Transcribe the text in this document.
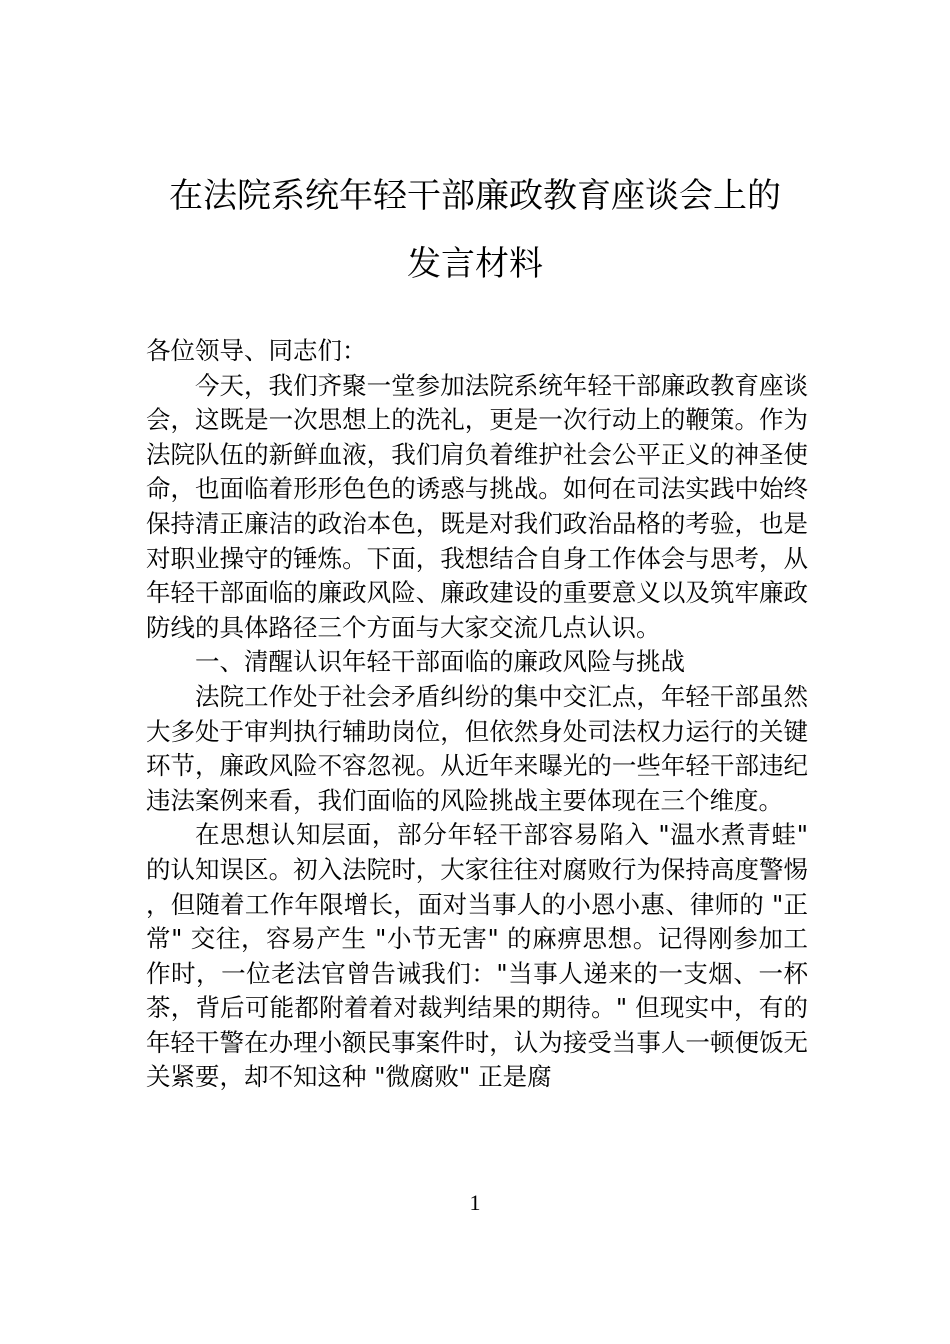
在法院系统年轻干部廉政教育座谈会上的
发言材料

各位领导、同志们：

今天，我们齐聚一堂参加法院系统年轻干部廉政教育座谈会，这既是一次思想上的洗礼，更是一次行动上的鞭策。作为法院队伍的新鲜血液，我们肩负着维护社会公平正义的神圣使命，也面临着形形色色的诱惑与挑战。如何在司法实践中始终保持清正廉洁的政治本色，既是对我们政治品格的考验，也是对职业操守的锤炼。下面，我想结合自身工作体会与思考，从年轻干部面临的廉政风险、廉政建设的重要意义以及筑牢廉政防线的具体路径三个方面与大家交流几点认识。

一、清醒认识年轻干部面临的廉政风险与挑战

法院工作处于社会矛盾纠纷的集中交汇点，年轻干部虽然大多处于审判执行辅助岗位，但依然身处司法权力运行的关键环节，廉政风险不容忽视。从近年来曝光的一些年轻干部违纪违法案例来看，我们面临的风险挑战主要体现在三个维度。

在思想认知层面，部分年轻干部容易陷入 "温水煮青蛙" 的认知误区。初入法院时，大家往往对腐败行为保持高度警惕，但随着工作年限增长，面对当事人的小恩小惠、律师的 "正常" 交往，容易产生 "小节无害" 的麻痹思想。记得刚参加工作时，一位老法官曾告诫我们："当事人递来的一支烟、一杯茶，背后可能都附着着对裁判结果的期待。" 但现实中，有的年轻干警在办理小额民事案件时，认为接受当事人一顿便饭无关紧要，却不知这种 "微腐败" 正是腐

1
